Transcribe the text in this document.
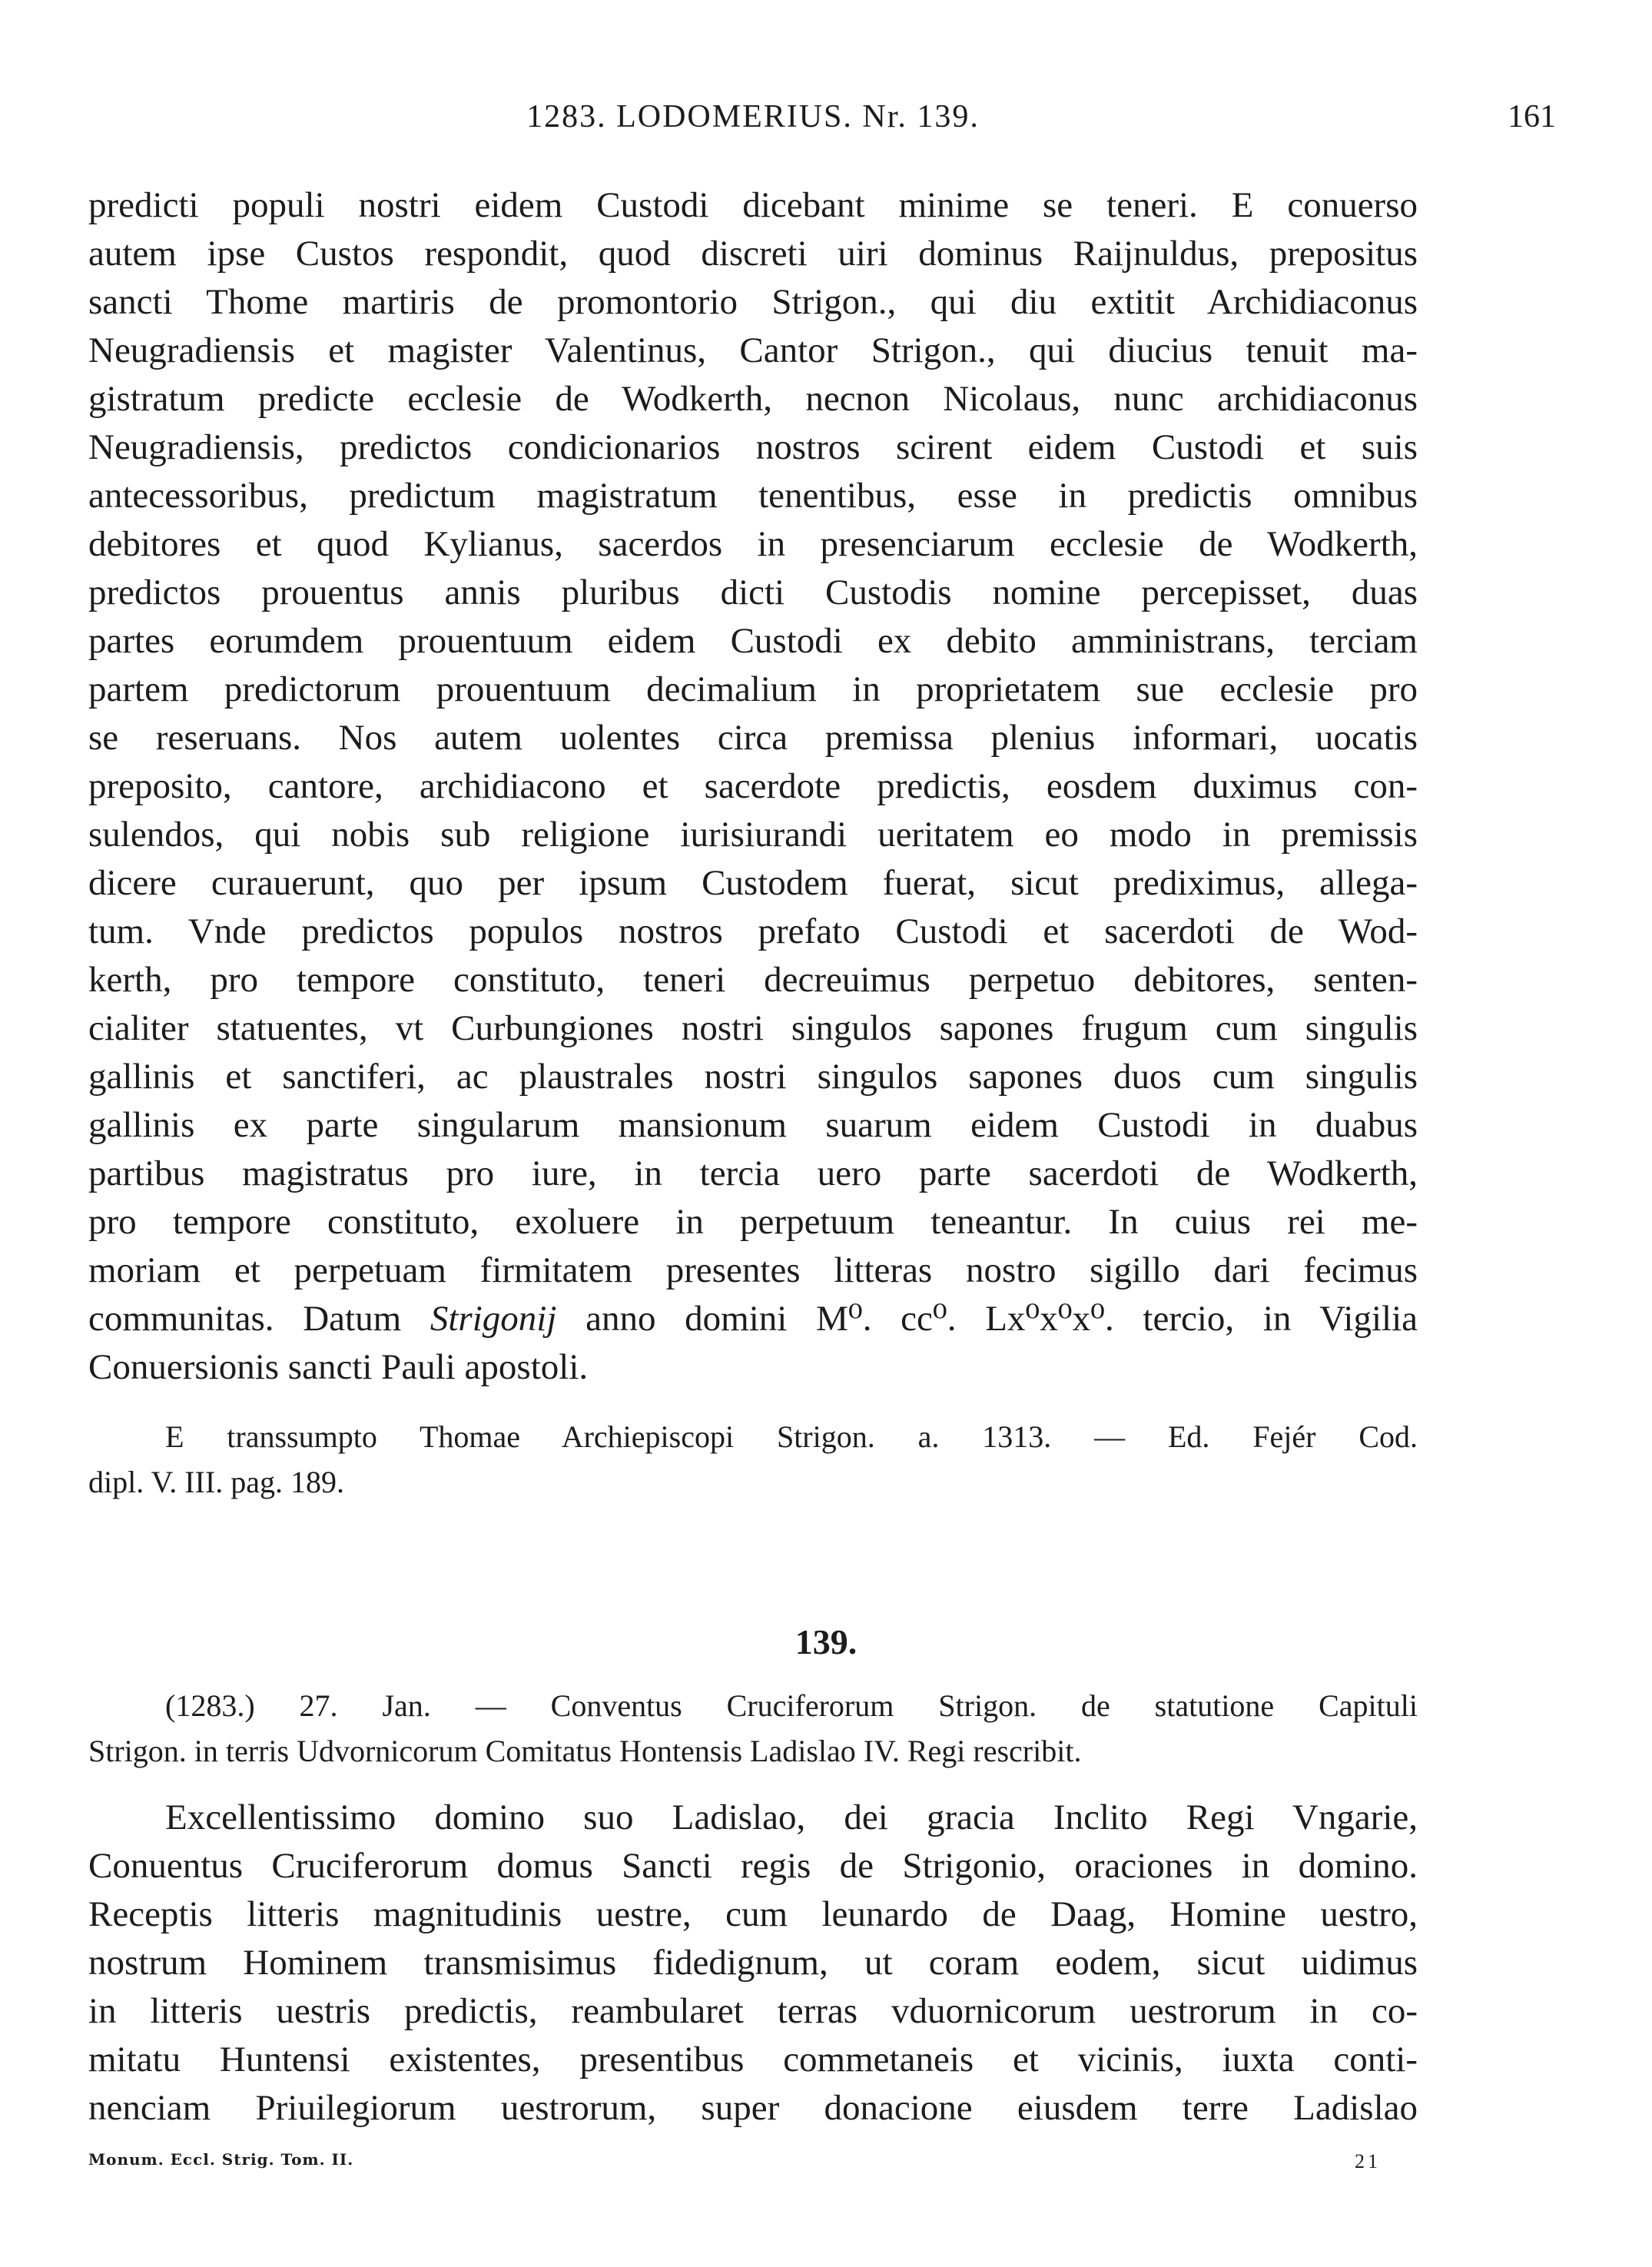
1283. LODOMERIUS. Nr. 139.	161
predicti populi nostri eidem Custodi dicebant minime se teneri. E conuerso
autem ipse Custos respondit, quod discreti uiri dominus Raijnuldus, prepositus
sancti Thome martiris de promontorio Strigon., qui diu extitit Archidiaconus
Neugradiensis et magister Valentinus, Cantor Strigon., qui diucius tenuit ma-
gistratum predicte ecclesie de Wodkerth, necnon Nicolaus, nunc archidiaconus
Neugradiensis, predictos condicionarios nostros scirent eidem Custodi et suis
antecessoribus, predictum magistratum tenentibus, esse in predictis omnibus
debitores et quod Kylianus, sacerdos in presenciarum ecclesie de Wodkerth,
predictos prouentus annis pluribus dicti Custodis nomine percepisset, duas
partes eorumdem prouentuum eidem Custodi ex debito amministrans, terciam
partem predictorum prouentuum decimalium in proprietatem sue ecclesie pro
se reseruans. Nos autem uolentes circa premissa plenius informari, uocatis
preposito, cantore, archidiacono et sacerdote predictis, eosdem duximus con-
sulendos, qui nobis sub religione iurisiurandi ueritatem eo modo in premissis
dicere curauerunt, quo per ipsum Custodem fuerat, sicut prediximus, allega-
tum. Vnde predictos populos nostros prefato Custodi et sacerdoti de Wod-
kerth, pro tempore constituto, teneri decreuimus perpetuo debitores, senten-
cialiter statuentes, vt Curbungiones nostri singulos sapones frugum cum singulis
gallinis et sanctiferi, ac plaustrales nostri singulos sapones duos cum singulis
gallinis ex parte singularum mansionum suarum eidem Custodi in duabus
partibus magistratus pro iure, in tercia uero parte sacerdoti de Wodkerth,
pro tempore constituto, exoluere in perpetuum teneantur. In cuius rei me-
moriam et perpetuam firmitatem presentes litteras nostro sigillo dari fecimus
communitas. Datum Strigonij anno domini M⁰. cc⁰. Lx⁰x⁰x⁰. tercio, in Vigilia
Conuersionis sancti Pauli apostoli.
E transsumpto Thomae Archiepiscopi Strigon. a. 1313. — Ed. Fejér Cod.
dipl. V. III. pag. 189.
139.
(1283.) 27. Jan. — Conventus Cruciferorum Strigon. de statutione Capituli
Strigon. in terris Udvornicorum Comitatus Hontensis Ladislao IV. Regi rescribit.
Excellentissimo domino suo Ladislao, dei gracia Inclito Regi Vngarie,
Conuentus Cruciferorum domus Sancti regis de Strigonio, oraciones in domino.
Receptis litteris magnitudinis uestre, cum leunardo de Daag, Homine uestro,
nostrum Hominem transmisimus fidedignum, ut coram eodem, sicut uidimus
in litteris uestris predictis, reambularet terras vduornicorum uestrorum in co-
mitatu Huntensi existentes, presentibus commetaneis et vicinis, iuxta conti-
nenciam Priuilegiorum uestrorum, super donacione eiusdem terre Ladislao
Monum. Eccl. Strig. Tom. II.	21
